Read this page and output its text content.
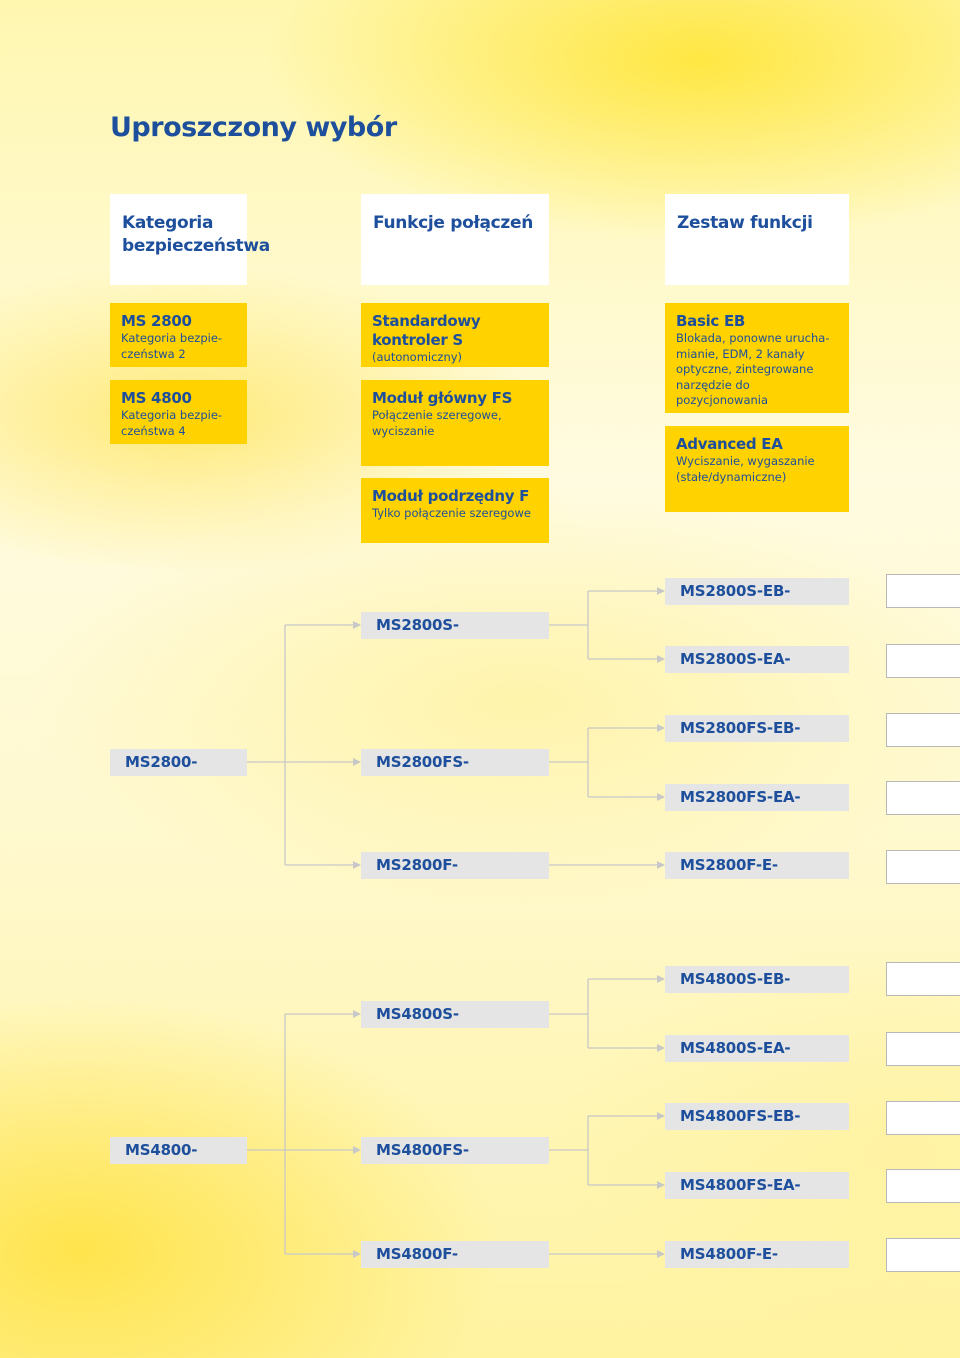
Uproszczony wybór
Kategoria bezpieczeństwa
Funkcje połączeń	Zestaw funkcji
MS 2800
Kategoria bezpie-
czeństwa 2
MS 4800
Kategoria bezpie-
czeństwa 4
Standardowy kontroler S
(autonomiczny)
Moduł główny FS
Połączenie szeregowe,
wyciszanie
Moduł podrzędny F
Tylko połączenie szeregowe
Basic EB
Blokada, ponowne urucha-
mianie, EDM, 2 kanały
optyczne, zintegrowane
narzędzie do pozycjonowania
Advanced EA
Wyciszanie, wygaszanie
(stałe/dynamiczne)
MS2800-
MS2800S-
MS2800FS-
MS2800F-
MS2800S-EB-
MS2800S-EA-
MS2800FS-EB-
MS2800FS-EA-
MS2800F-E-
MS4800-
MS4800S-
MS4800FS-
MS4800F-
MS4800S-EB-
MS4800S-EA-
MS4800FS-EB-
MS4800FS-EA-
MS4800F-E-
